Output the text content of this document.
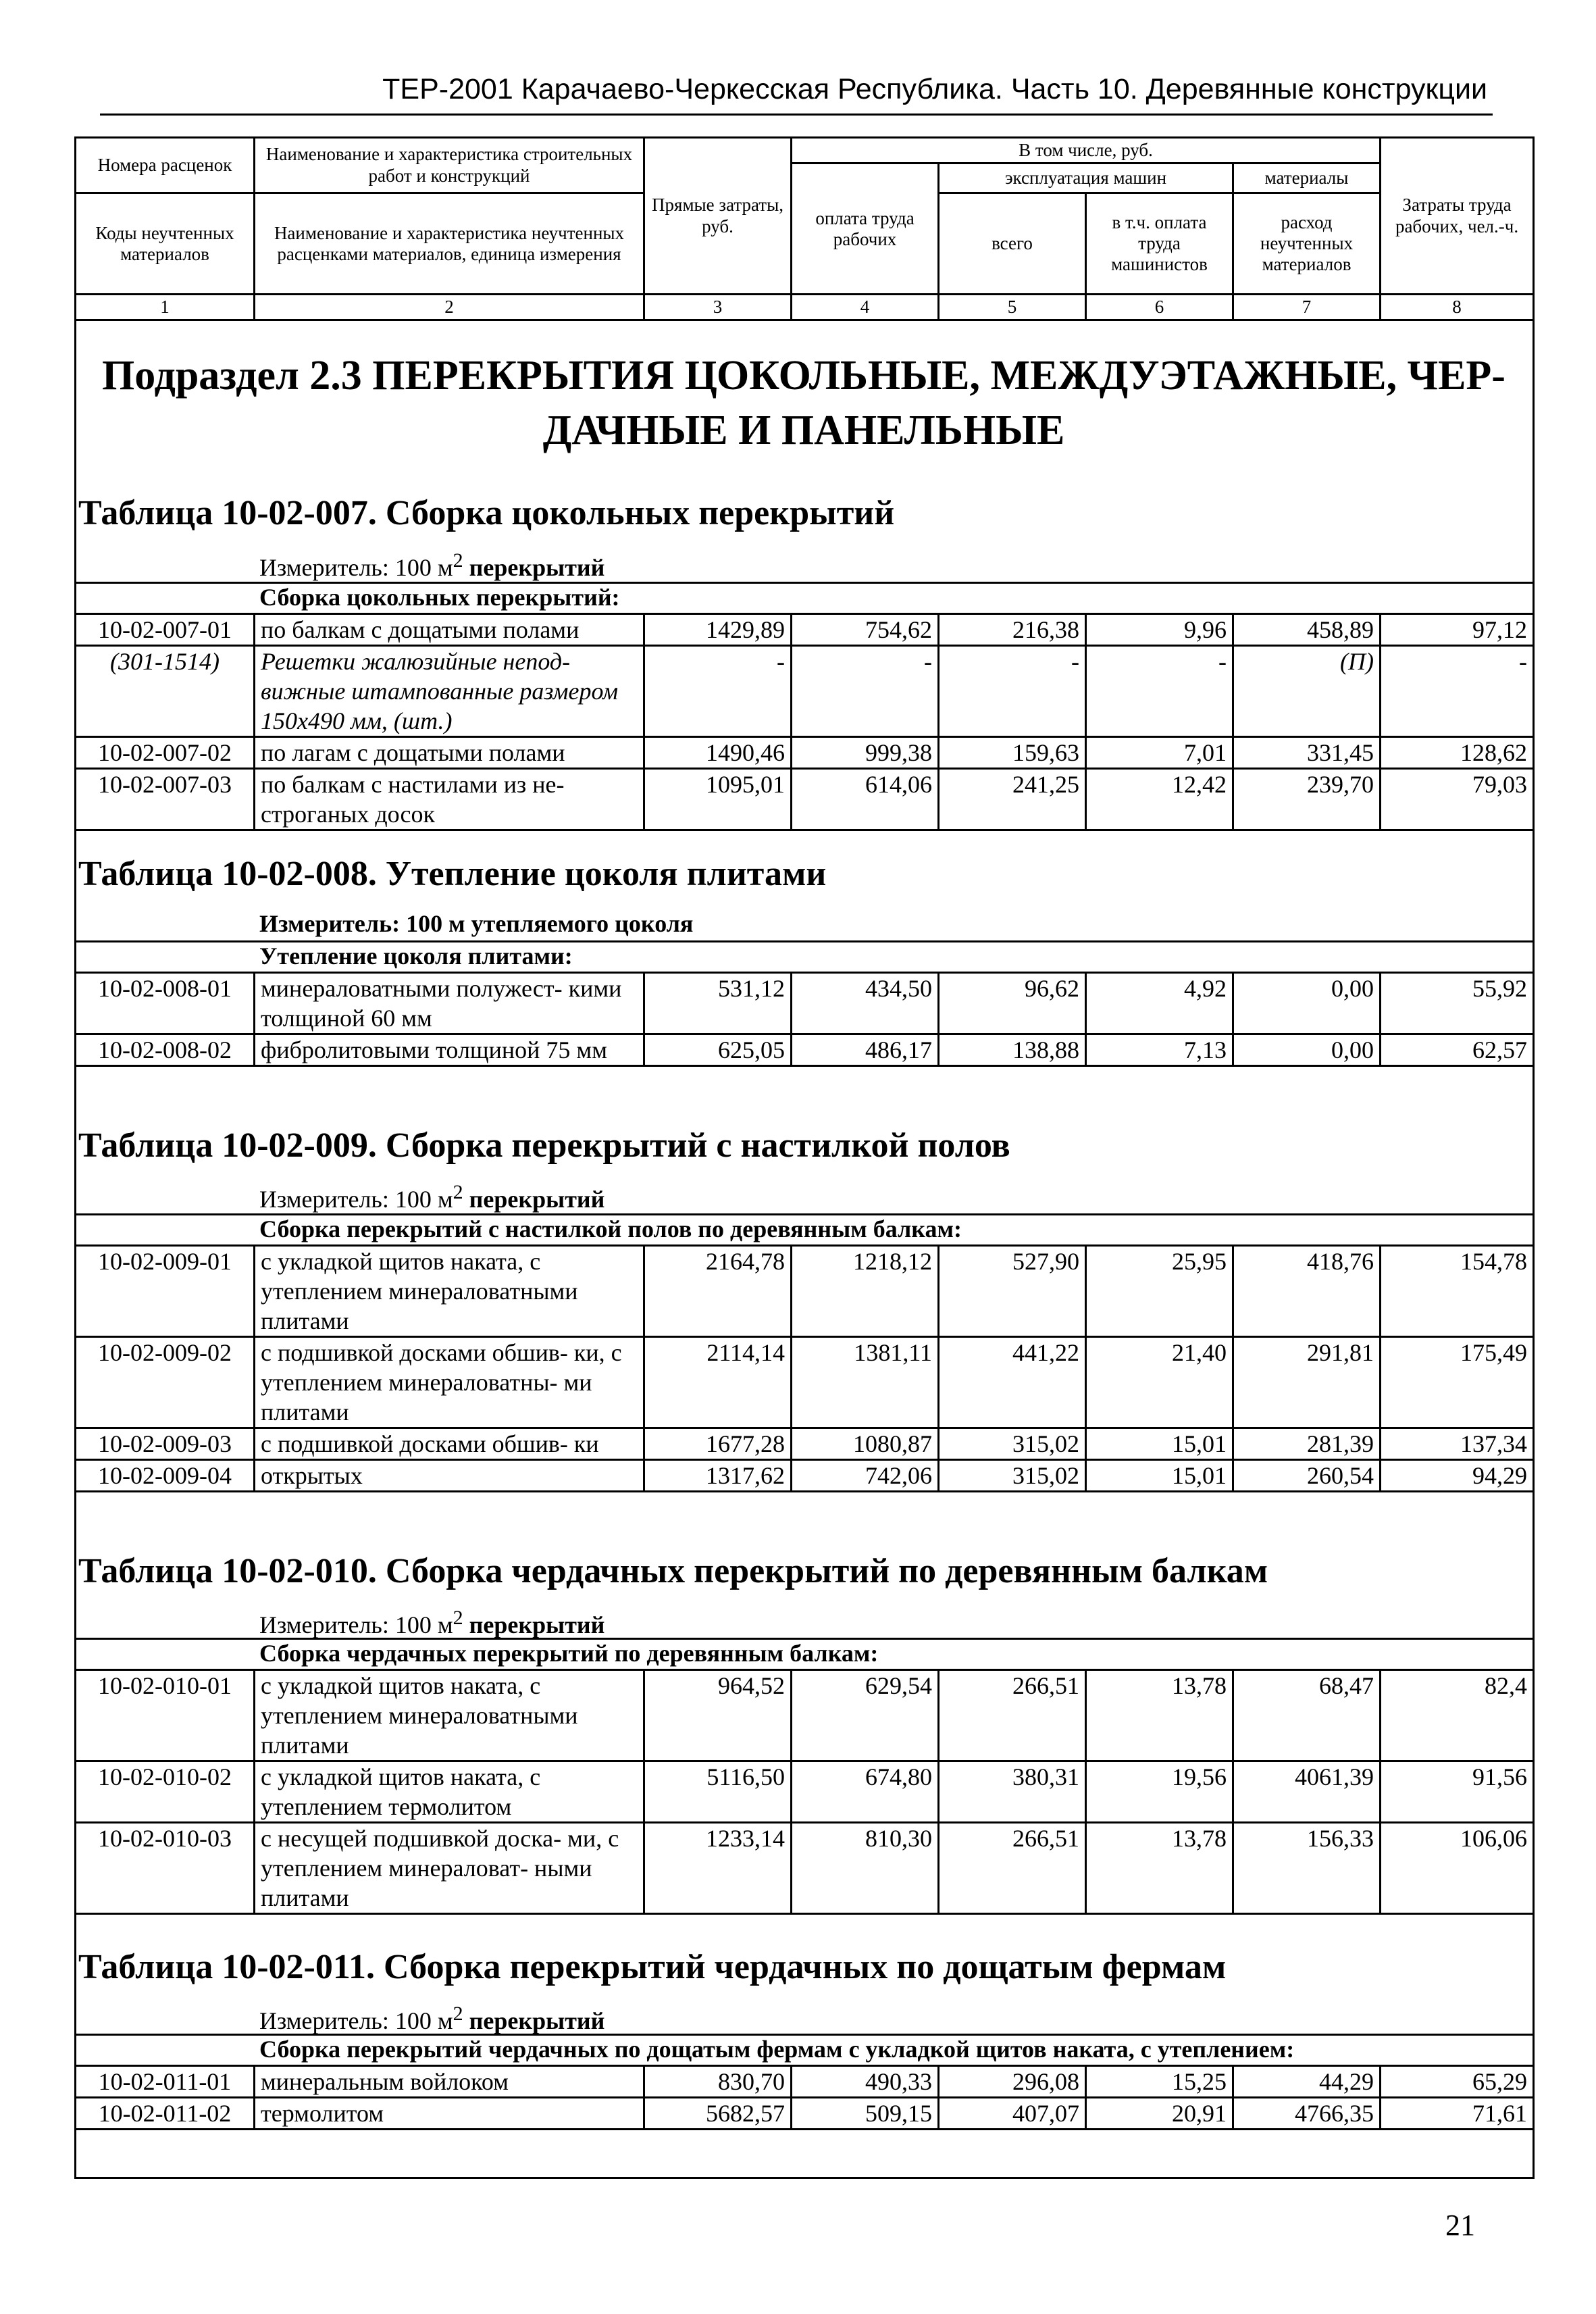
ТЕР-2001 Карачаево-Черкесская Республика. Часть 10. Деревянные конструкции
Номера расценок	Наименование и характеристика строительных работ и конструкций	Прямые затраты, руб.	В том числе, руб.				Затраты труда рабочих, чел.-ч.
			оплата труда рабочих	эксплуатация машин		материалы	
Коды неучтенных материалов	Наименование и характеристика неучтенных расценками материалов, единица измерения			всего	в т.ч. оплата труда машинистов	расход неучтенных материалов	

1	2	3	4	5	6	7	8
Подраздел 2.3 ПЕРЕКРЫТИЯ ЦОКОЛЬНЫЕ, МЕЖДУЭТАЖНЫЕ, ЧЕР-
ДАЧНЫЕ И ПАНЕЛЬНЫЕ
Таблица 10-02-007. Сборка цокольных перекрытий
Измеритель: 100 $м^2$ перекрытий
Сборка цокольных перекрытий:
10-02-007-01	по балкам с дощатыми полами	1429,89	754,62	216,38	9,96	458,89	97,12
(301-1514)	Решетки жалюзийные непод- вижные штампованные размером 150х490 мм, (шт.)	-	-	-	-	(П)	-
10-02-007-02	по лагам с дощатыми полами	1490,46	999,38	159,63	7,01	331,45	128,62
10-02-007-03	по балкам с настилами из не- строганых досок	1095,01	614,06	241,25	12,42	239,70	79,03
Таблица 10-02-008. Утепление цоколя плитами
Измеритель: 100 м утепляемого цоколя
Утепление цоколя плитами:
10-02-008-01	минераловатными полужест- кими толщиной 60 мм	531,12	434,50	96,62	4,92	0,00	55,92
10-02-008-02	фибролитовыми толщиной 75 мм	625,05	486,17	138,88	7,13	0,00	62,57
Таблица 10-02-009. Сборка перекрытий с настилкой полов
Измеритель: 100 $м^2$ перекрытий
Сборка перекрытий с настилкой полов по деревянным балкам:
10-02-009-01	с укладкой щитов наката, с утеплением минераловатными плитами	2164,78	1218,12	527,90	25,95	418,76	154,78
10-02-009-02	с подшивкой досками обшив- ки, с утеплением минераловатны- ми плитами	2114,14	1381,11	441,22	21,40	291,81	175,49
10-02-009-03	с подшивкой досками обшив- ки	1677,28	1080,87	315,02	15,01	281,39	137,34
10-02-009-04	открытых	1317,62	742,06	315,02	15,01	260,54	94,29
Таблица 10-02-010. Сборка чердачных перекрытий по деревянным балкам
Измеритель: 100 $м^2$ перекрытий
Сборка чердачных перекрытий по деревянным балкам:
10-02-010-01	с укладкой щитов наката, с утеплением минераловатными плитами	964,52	629,54	266,51	13,78	68,47	82,4
10-02-010-02	с укладкой щитов наката, с утеплением термолитом	5116,50	674,80	380,31	19,56	4061,39	91,56
10-02-010-03	с несущей подшивкой доска- ми, с утеплением минераловат- ными плитами	1233,14	810,30	266,51	13,78	156,33	106,06
Таблица 10-02-011. Сборка перекрытий чердачных по дощатым фермам
Измеритель: 100 $м^2$ перекрытий
Сборка перекрытий чердачных по дощатым фермам с укладкой щитов наката, с утеплением:
10-02-011-01	минеральным войлоком	830,70	490,33	296,08	15,25	44,29	65,29
10-02-011-02	термолитом	5682,57	509,15	407,07	20,91	4766,35	71,61
21
